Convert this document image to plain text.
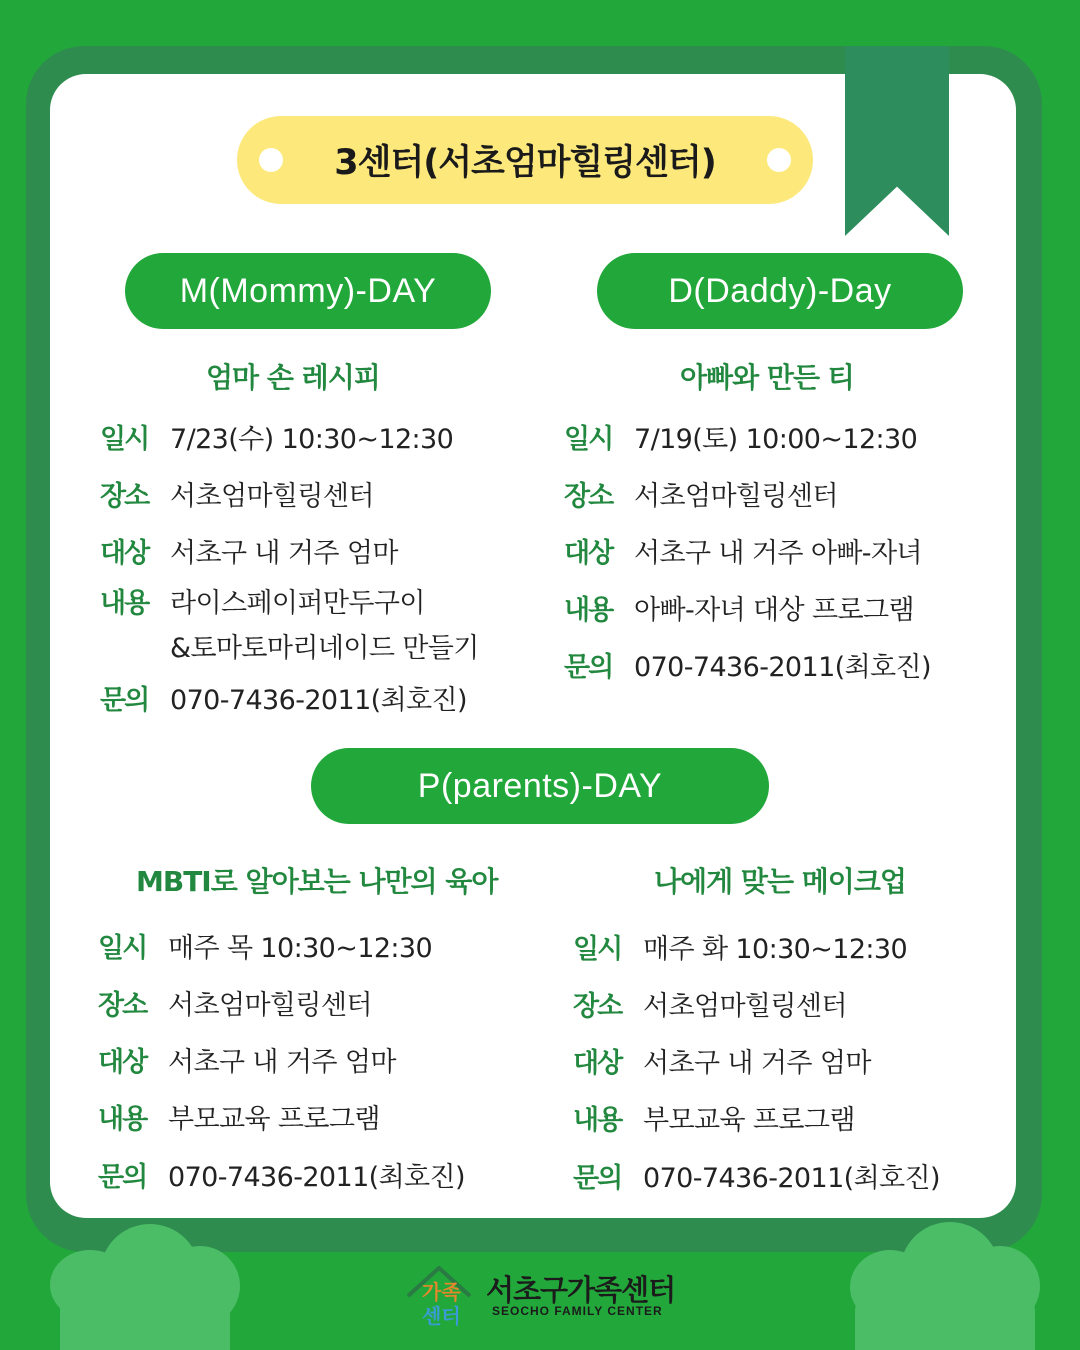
3센터(서초엄마힐링센터)
M(Mommy)-DAY
엄마 손 레시피
일시 7/23(수) 10:30~12:30
장소 서초엄마힐링센터
대상 서초구 내 거주 엄마
내용 라이스페이퍼만두구이
&토마토마리네이드 만들기
문의 070-7436-2011(최호진)
D(Daddy)-Day
아빠와 만든 티
일시 7/19(토) 10:00~12:30
장소 서초엄마힐링센터
대상 서초구 내 거주 아빠-자녀
내용 아빠-자녀 대상 프로그램
문의 070-7436-2011(최호진)
P(parents)-DAY
MBTI로 알아보는 나만의 육아
일시 매주 목 10:30~12:30
장소 서초엄마힐링센터
대상 서초구 내 거주 엄마
내용 부모교육 프로그램
문의 070-7436-2011(최호진)
나에게 맞는 메이크업
일시 매주 화 10:30~12:30
장소 서초엄마힐링센터
대상 서초구 내 거주 엄마
내용 부모교육 프로그램
문의 070-7436-2011(최호진)
가족
센터
서초구가족센터
SEOCHO FAMILY CENTER
